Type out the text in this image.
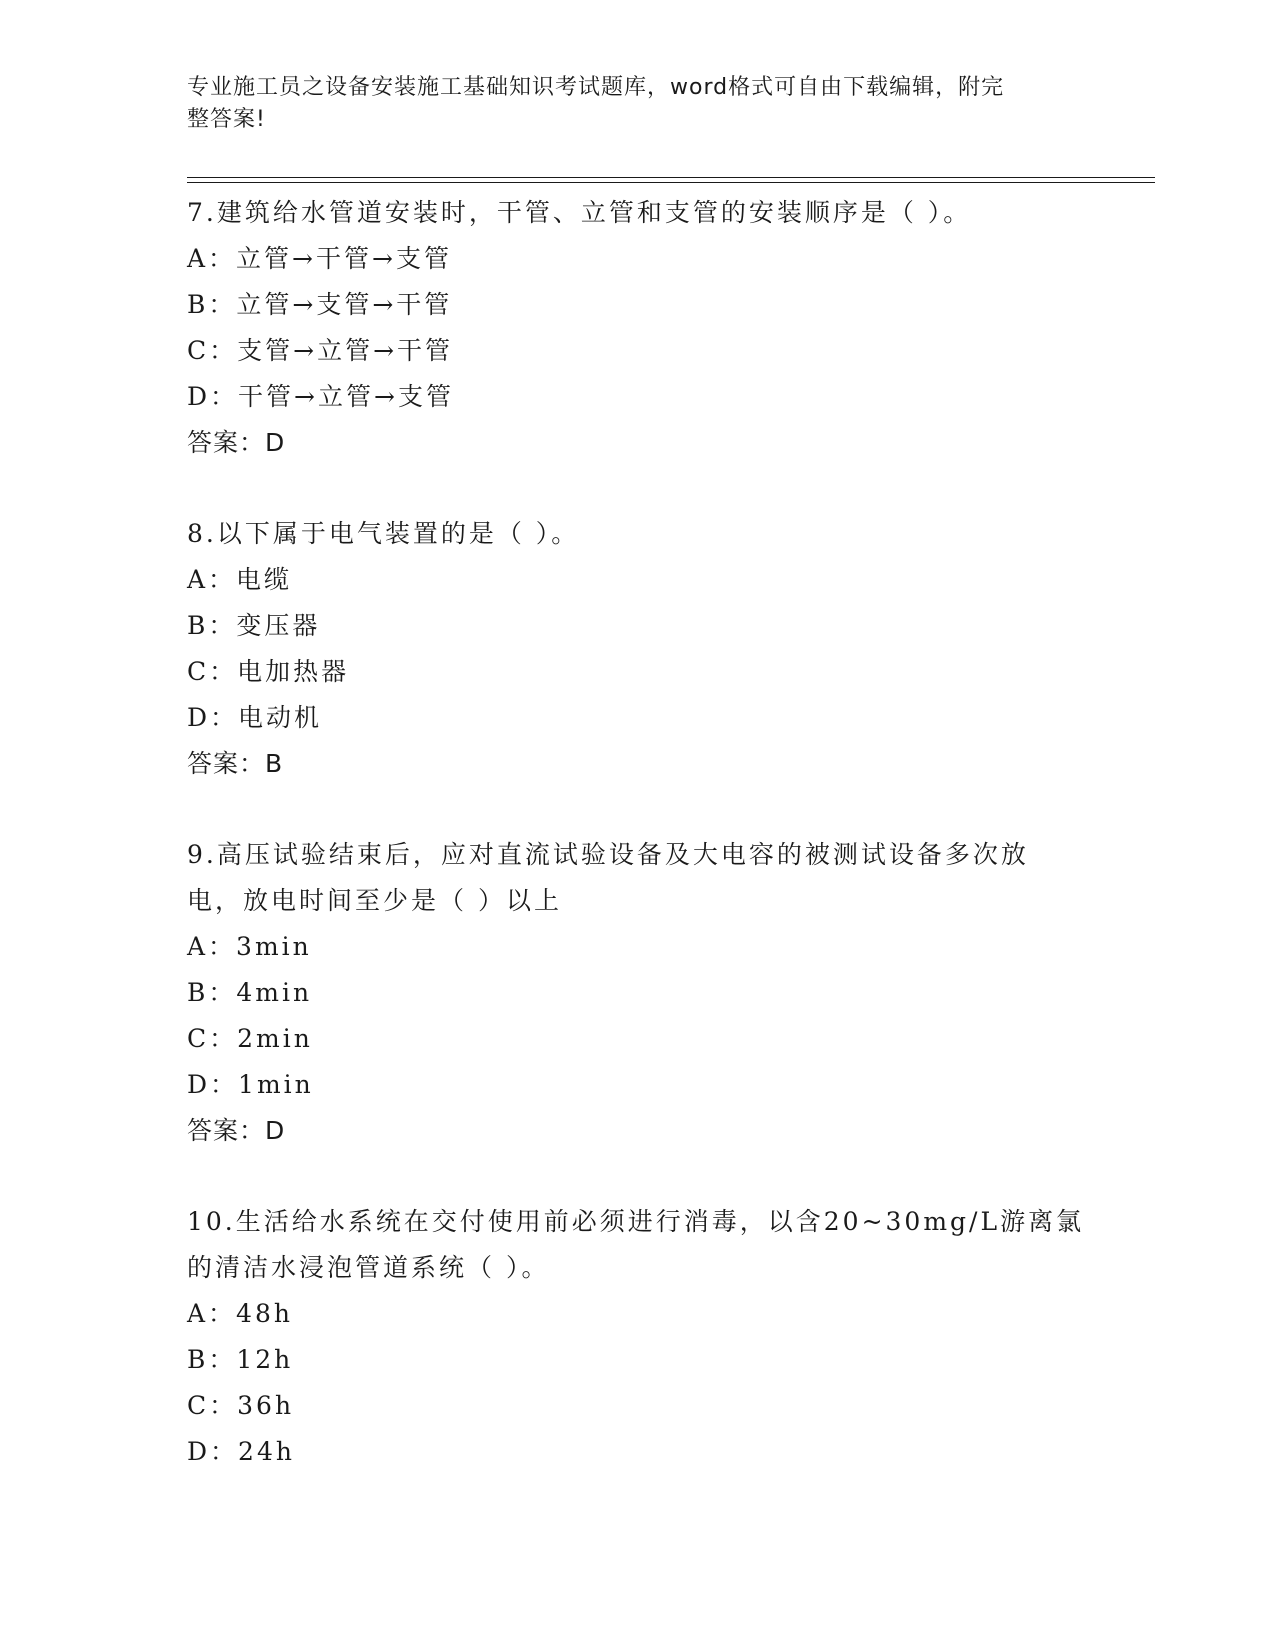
专业施工员之设备安装施工基础知识考试题库，word格式可自由下载编辑，附完
整答案!
7.建筑给水管道安装时，干管、立管和支管的安装顺序是（ ）。
A：立管→干管→支管
B：立管→支管→干管
C：支管→立管→干管
D：干管→立管→支管
答案：D
8.以下属于电气装置的是（ ）。
A：电缆
B：变压器
C：电加热器
D：电动机
答案：B
9.高压试验结束后，应对直流试验设备及大电容的被测试设备多次放
电，放电时间至少是（ ）以上
A：3min
B：4min
C：2min
D：1min
答案：D
10.生活给水系统在交付使用前必须进行消毒，以含20~30mg/L游离氯
的清洁水浸泡管道系统（ ）。
A：48h
B：12h
C：36h
D：24h
